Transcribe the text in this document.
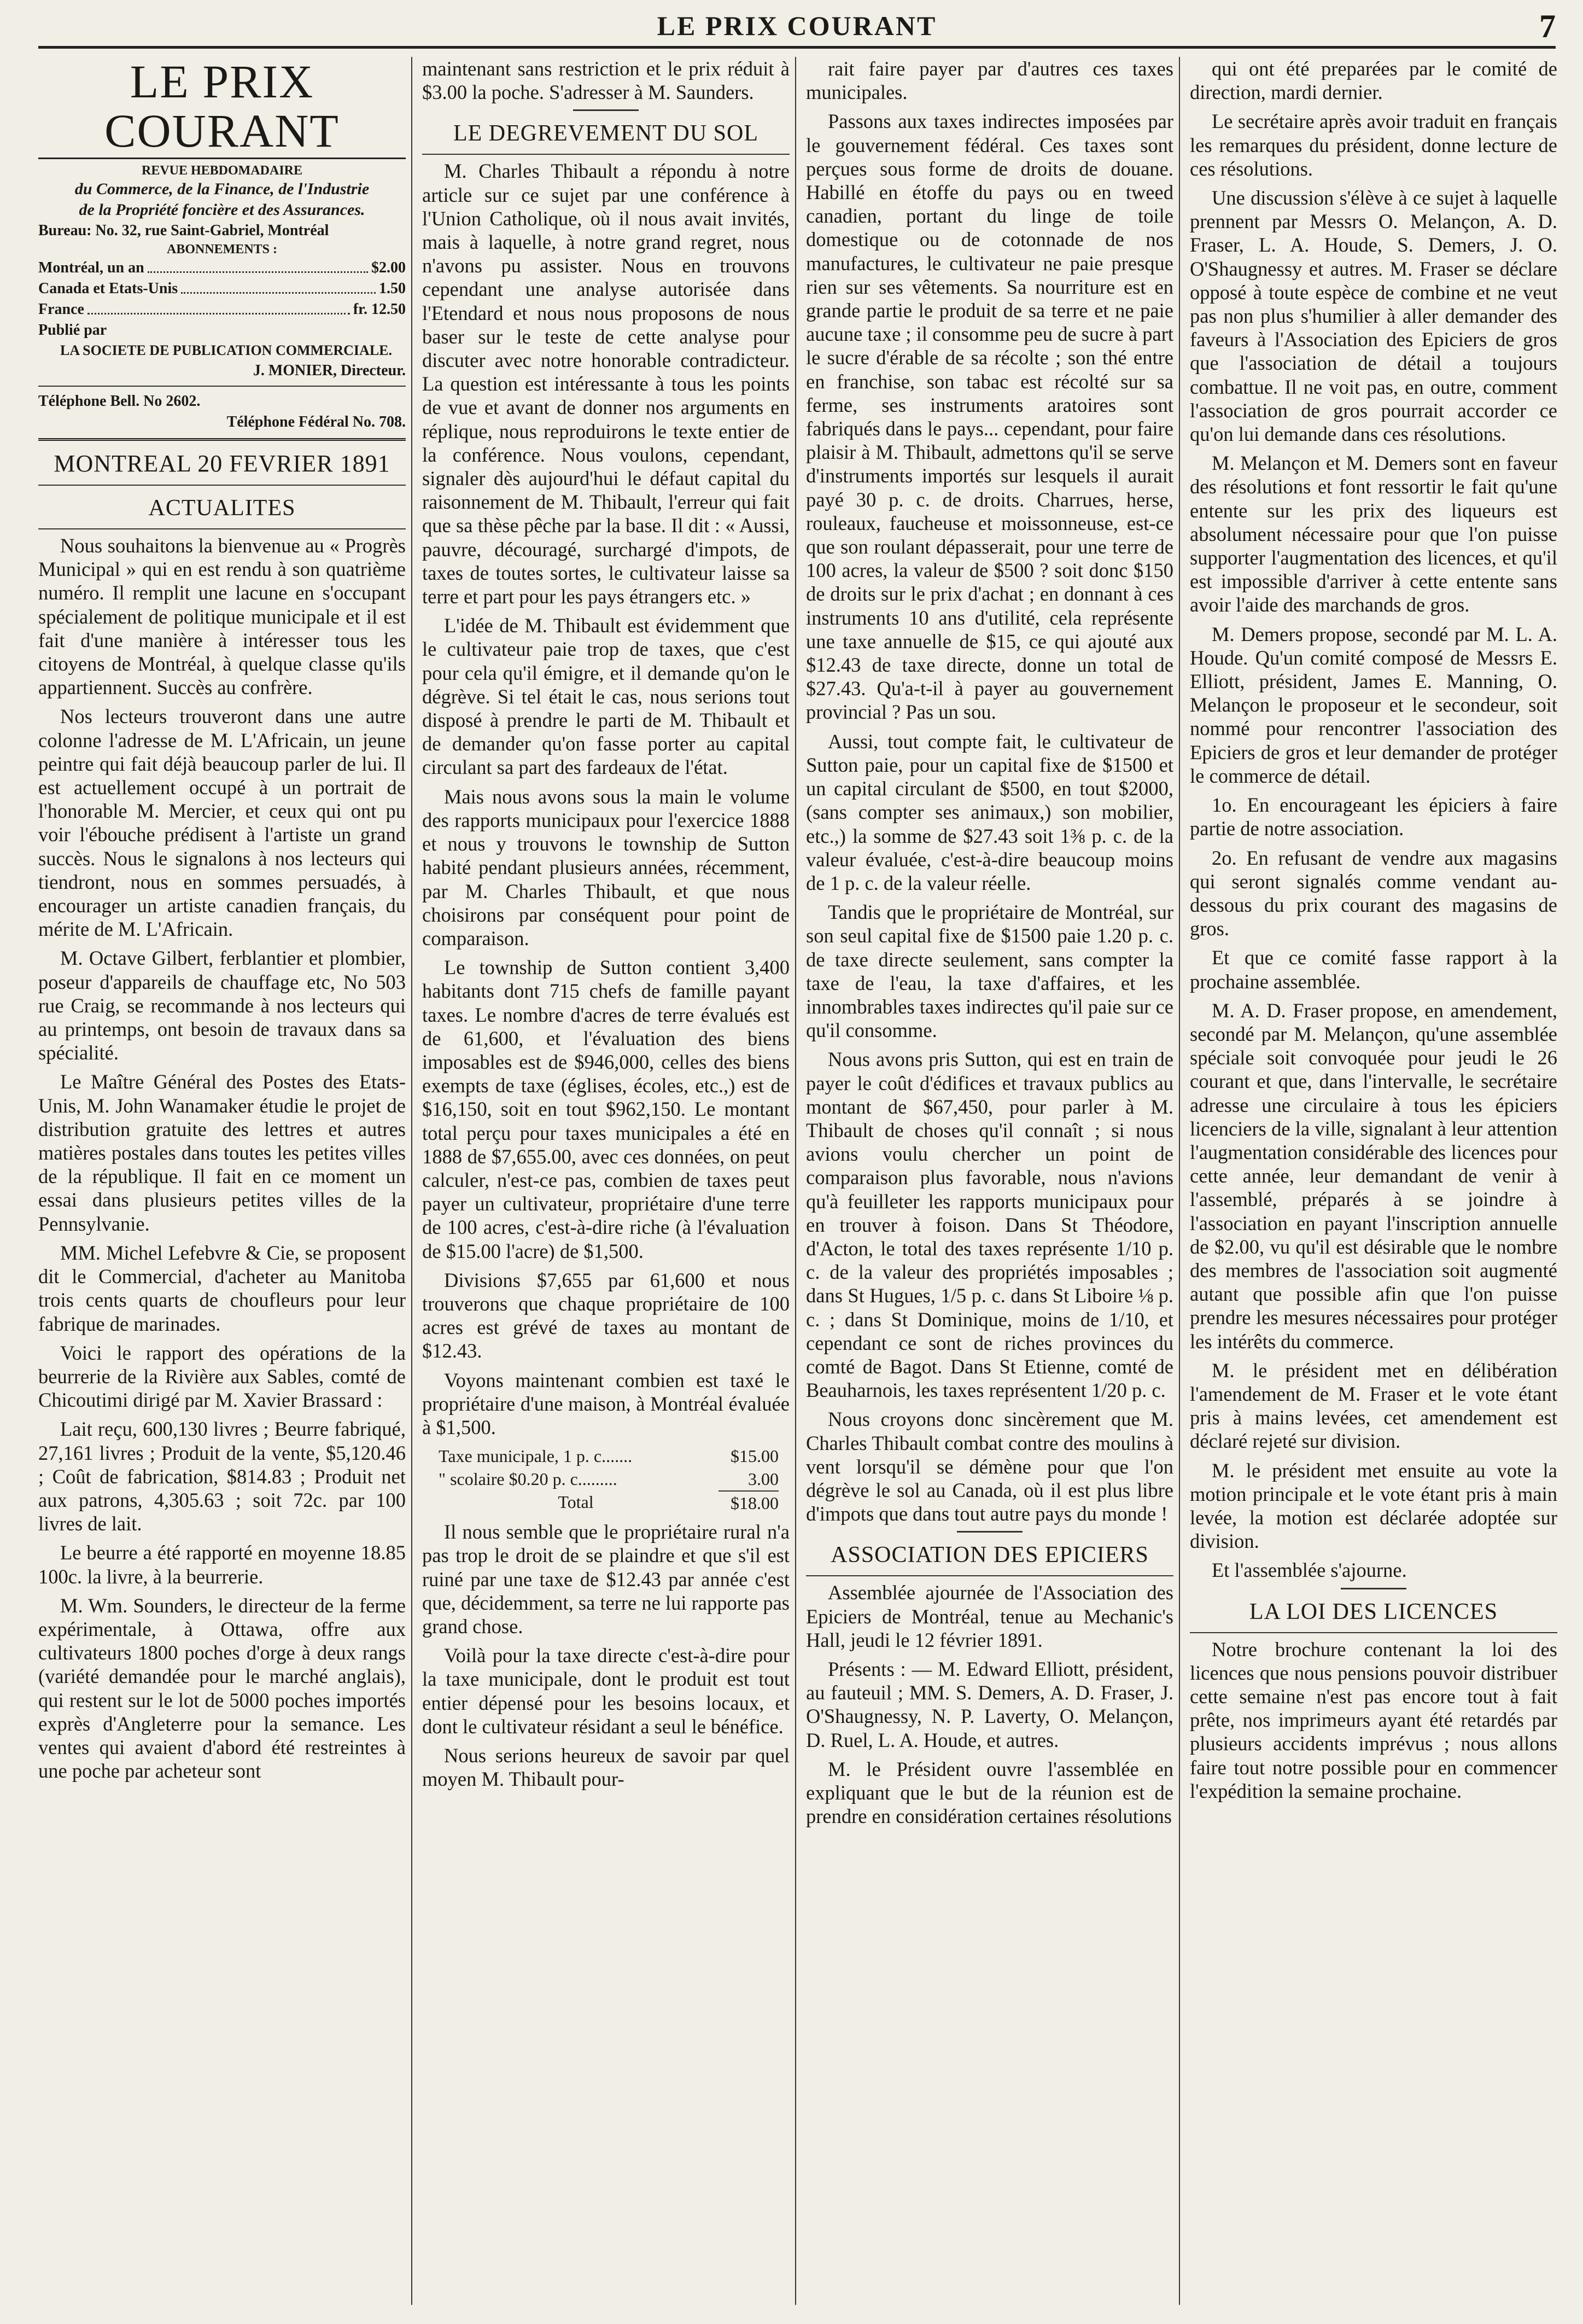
LE PRIX COURANT	7
LE PRIX COURANT
REVUE HEBDOMADAIRE
du Commerce, de la Finance, de l'Industrie
de la Propriété foncière et des Assurances.
Bureau: No. 32, rue Saint-Gabriel, Montréal
ABONNEMENTS :
Montréal, un an	$2.00
Canada et Etats-Unis	1.50
France	fr. 12.50
Publié par
LA SOCIETE DE PUBLICATION COMMERCIALE.
J. MONIER, Directeur.
Téléphone Bell. No 2602.
Téléphone Fédéral No. 708.
MONTREAL 20 FEVRIER 1891
ACTUALITES

Nous souhaitons la bienvenue au « Progrès Municipal » qui en est rendu à son quatrième numéro. Il remplit une lacune en s'occupant spécialement de politique municipale et il est fait d'une manière à intéresser tous les citoyens de Montréal, à quelque classe qu'ils appartiennent. Succès au confrère.

Nos lecteurs trouveront dans une autre colonne l'adresse de M. L'Africain, un jeune peintre qui fait déjà beaucoup parler de lui. Il est actuellement occupé à un portrait de l'honorable M. Mercier, et ceux qui ont pu voir l'ébouche prédisent à l'artiste un grand succès. Nous le signalons à nos lecteurs qui tiendront, nous en sommes persuadés, à encourager un artiste canadien français, du mérite de M. L'Africain.

M. Octave Gilbert, ferblantier et plombier, poseur d'appareils de chauffage etc, No 503 rue Craig, se recommande à nos lecteurs qui au printemps, ont besoin de travaux dans sa spécialité.

Le Maître Général des Postes des Etats-Unis, M. John Wanamaker étudie le projet de distribution gratuite des lettres et autres matières postales dans toutes les petites villes de la république. Il fait en ce moment un essai dans plusieurs petites villes de la Pennsylvanie.

MM. Michel Lefebvre & Cie, se proposent dit le Commercial, d'acheter au Manitoba trois cents quarts de choufleurs pour leur fabrique de marinades.

Voici le rapport des opérations de la beurrerie de la Rivière aux Sables, comté de Chicoutimi dirigé par M. Xavier Brassard :

Lait reçu, 600,130 livres ; Beurre fabriqué, 27,161 livres ; Produit de la vente, $5,120.46 ; Coût de fabrication, $814.83 ; Produit net aux patrons, 4,305.63 ; soit 72c. par 100 livres de lait.

Le beurre a été rapporté en moyenne 18.85 100c. la livre, à la beurrerie.

M. Wm. Sounders, le directeur de la ferme expérimentale, à Ottawa, offre aux cultivateurs 1800 poches d'orge à deux rangs (variété demandée pour le marché anglais), qui restent sur le lot de 5000 poches importés exprès d'Angleterre pour la semance. Les ventes qui avaient d'abord été restreintes à une poche par acheteur sont

maintenant sans restriction et le prix réduit à $3.00 la poche. S'adresser à M. Saunders.

LE DEGREVEMENT DU SOL

M. Charles Thibault a répondu à notre article sur ce sujet par une conférence à l'Union Catholique, où il nous avait invités, mais à laquelle, à notre grand regret, nous n'avons pu assister. Nous en trouvons cependant une analyse autorisée dans l'Etendard et nous nous proposons de nous baser sur le teste de cette analyse pour discuter avec notre honorable contradicteur. La question est intéressante à tous les points de vue et avant de donner nos arguments en réplique, nous reproduirons le texte entier de la conférence. Nous voulons, cependant, signaler dès aujourd'hui le défaut capital du raisonnement de M. Thibault, l'erreur qui fait que sa thèse pêche par la base. Il dit : « Aussi, pauvre, découragé, surchargé d'impots, de taxes de toutes sortes, le cultivateur laisse sa terre et part pour les pays étrangers etc. »

L'idée de M. Thibault est évidemment que le cultivateur paie trop de taxes, que c'est pour cela qu'il émigre, et il demande qu'on le dégrève. Si tel était le cas, nous serions tout disposé à prendre le parti de M. Thibault et de demander qu'on fasse porter au capital circulant sa part des fardeaux de l'état.

Mais nous avons sous la main le volume des rapports municipaux pour l'exercice 1888 et nous y trouvons le township de Sutton habité pendant plusieurs années, récemment, par M. Charles Thibault, et que nous choisirons par conséquent pour point de comparaison.

Le township de Sutton contient 3,400 habitants dont 715 chefs de famille payant taxes. Le nombre d'acres de terre évalués est de 61,600, et l'évaluation des biens imposables est de $946,000, celles des biens exempts de taxe (églises, écoles, etc.,) est de $16,150, soit en tout $962,150. Le montant total perçu pour taxes municipales a été en 1888 de $7,655.00, avec ces données, on peut calculer, n'est-ce pas, combien de taxes peut payer un cultivateur, propriétaire d'une terre de 100 acres, c'est-à-dire riche (à l'évaluation de $15.00 l'acre) de $1,500.

Divisions $7,655 par 61,600 et nous trouverons que chaque propriétaire de 100 acres est grévé de taxes au montant de $12.43.

Voyons maintenant combien est taxé le propriétaire d'une maison, à Montréal évaluée à $1,500.

Taxe municipale, 1 p. c.......	$15.00
" scolaire $0.20 p. c.........	3.00
Total	$18.00

Il nous semble que le propriétaire rural n'a pas trop le droit de se plaindre et que s'il est ruiné par une taxe de $12.43 par année c'est que, décidemment, sa terre ne lui rapporte pas grand chose.

Voilà pour la taxe directe c'est-à-dire pour la taxe municipale, dont le produit est tout entier dépensé pour les besoins locaux, et dont le cultivateur résidant a seul le bénéfice.

Nous serions heureux de savoir par quel moyen M. Thibault pour-

rait faire payer par d'autres ces taxes municipales.

Passons aux taxes indirectes imposées par le gouvernement fédéral. Ces taxes sont perçues sous forme de droits de douane. Habillé en étoffe du pays ou en tweed canadien, portant du linge de toile domestique ou de cotonnade de nos manufactures, le cultivateur ne paie presque rien sur ses vêtements. Sa nourriture est en grande partie le produit de sa terre et ne paie aucune taxe ; il consomme peu de sucre à part le sucre d'érable de sa récolte ; son thé entre en franchise, son tabac est récolté sur sa ferme, ses instruments aratoires sont fabriqués dans le pays... cependant, pour faire plaisir à M. Thibault, admettons qu'il se serve d'instruments importés sur lesquels il aurait payé 30 p. c. de droits. Charrues, herse, rouleaux, faucheuse et moissonneuse, est-ce que son roulant dépasserait, pour une terre de 100 acres, la valeur de $500 ? soit donc $150 de droits sur le prix d'achat ; en donnant à ces instruments 10 ans d'utilité, cela représente une taxe annuelle de $15, ce qui ajouté aux $12.43 de taxe directe, donne un total de $27.43. Qu'a-t-il à payer au gouvernement provincial ? Pas un sou.

Aussi, tout compte fait, le cultivateur de Sutton paie, pour un capital fixe de $1500 et un capital circulant de $500, en tout $2000, (sans compter ses animaux,) son mobilier, etc.,) la somme de $27.43 soit 1⅜ p. c. de la valeur évaluée, c'est-à-dire beaucoup moins de 1 p. c. de la valeur réelle.

Tandis que le propriétaire de Montréal, sur son seul capital fixe de $1500 paie 1.20 p. c. de taxe directe seulement, sans compter la taxe de l'eau, la taxe d'affaires, et les innombrables taxes indirectes qu'il paie sur ce qu'il consomme.

Nous avons pris Sutton, qui est en train de payer le coût d'édifices et travaux publics au montant de $67,450, pour parler à M. Thibault de choses qu'il connaît ; si nous avions voulu chercher un point de comparaison plus favorable, nous n'avions qu'à feuilleter les rapports municipaux pour en trouver à foison. Dans St Théodore, d'Acton, le total des taxes représente 1/10 p. c. de la valeur des propriétés imposables ; dans St Hugues, 1/5 p. c. dans St Liboire ⅛ p. c. ; dans St Dominique, moins de 1/10, et cependant ce sont de riches provinces du comté de Bagot. Dans St Etienne, comté de Beauharnois, les taxes représentent 1/20 p. c.

Nous croyons donc sincèrement que M. Charles Thibault combat contre des moulins à vent lorsqu'il se démène pour que l'on dégrève le sol au Canada, où il est plus libre d'impots que dans tout autre pays du monde !

ASSOCIATION DES EPICIERS

Assemblée ajournée de l'Association des Epiciers de Montréal, tenue au Mechanic's Hall, jeudi le 12 février 1891.

Présents : — M. Edward Elliott, président, au fauteuil ; MM. S. Demers, A. D. Fraser, J. O'Shaugnessy, N. P. Laverty, O. Melançon, D. Ruel, L. A. Houde, et autres.

M. le Président ouvre l'assemblée en expliquant que le but de la réunion est de prendre en considération certaines résolutions

qui ont été preparées par le comité de direction, mardi dernier.

Le secrétaire après avoir traduit en français les remarques du président, donne lecture de ces résolutions.

Une discussion s'élève à ce sujet à laquelle prennent par Messrs O. Melançon, A. D. Fraser, L. A. Houde, S. Demers, J. O. O'Shaugnessy et autres. M. Fraser se déclare opposé à toute espèce de combine et ne veut pas non plus s'humilier à aller demander des faveurs à l'Association des Epiciers de gros que l'association de détail a toujours combattue. Il ne voit pas, en outre, comment l'association de gros pourrait accorder ce qu'on lui demande dans ces résolutions.

M. Melançon et M. Demers sont en faveur des résolutions et font ressortir le fait qu'une entente sur les prix des liqueurs est absolument nécessaire pour que l'on puisse supporter l'augmentation des licences, et qu'il est impossible d'arriver à cette entente sans avoir l'aide des marchands de gros.

M. Demers propose, secondé par M. L. A. Houde. Qu'un comité composé de Messrs E. Elliott, président, James E. Manning, O. Melançon le proposeur et le secondeur, soit nommé pour rencontrer l'association des Epiciers de gros et leur demander de protéger le commerce de détail.

1o. En encourageant les épiciers à faire partie de notre association.

2o. En refusant de vendre aux magasins qui seront signalés comme vendant au-dessous du prix courant des magasins de gros.

Et que ce comité fasse rapport à la prochaine assemblée.

M. A. D. Fraser propose, en amendement, secondé par M. Melançon, qu'une assemblée spéciale soit convoquée pour jeudi le 26 courant et que, dans l'intervalle, le secrétaire adresse une circulaire à tous les épiciers licenciers de la ville, signalant à leur attention l'augmentation considérable des licences pour cette année, leur demandant de venir à l'assemblé, préparés à se joindre à l'association en payant l'inscription annuelle de $2.00, vu qu'il est désirable que le nombre des membres de l'association soit augmenté autant que possible afin que l'on puisse prendre les mesures nécessaires pour protéger les intérêts du commerce.

M. le président met en délibération l'amendement de M. Fraser et le vote étant pris à mains levées, cet amendement est déclaré rejeté sur division.

M. le président met ensuite au vote la motion principale et le vote étant pris à main levée, la motion est déclarée adoptée sur division.

Et l'assemblée s'ajourne.

LA LOI DES LICENCES

Notre brochure contenant la loi des licences que nous pensions pouvoir distribuer cette semaine n'est pas encore tout à fait prête, nos imprimeurs ayant été retardés par plusieurs accidents imprévus ; nous allons faire tout notre possible pour en commencer l'expédition la semaine prochaine.
